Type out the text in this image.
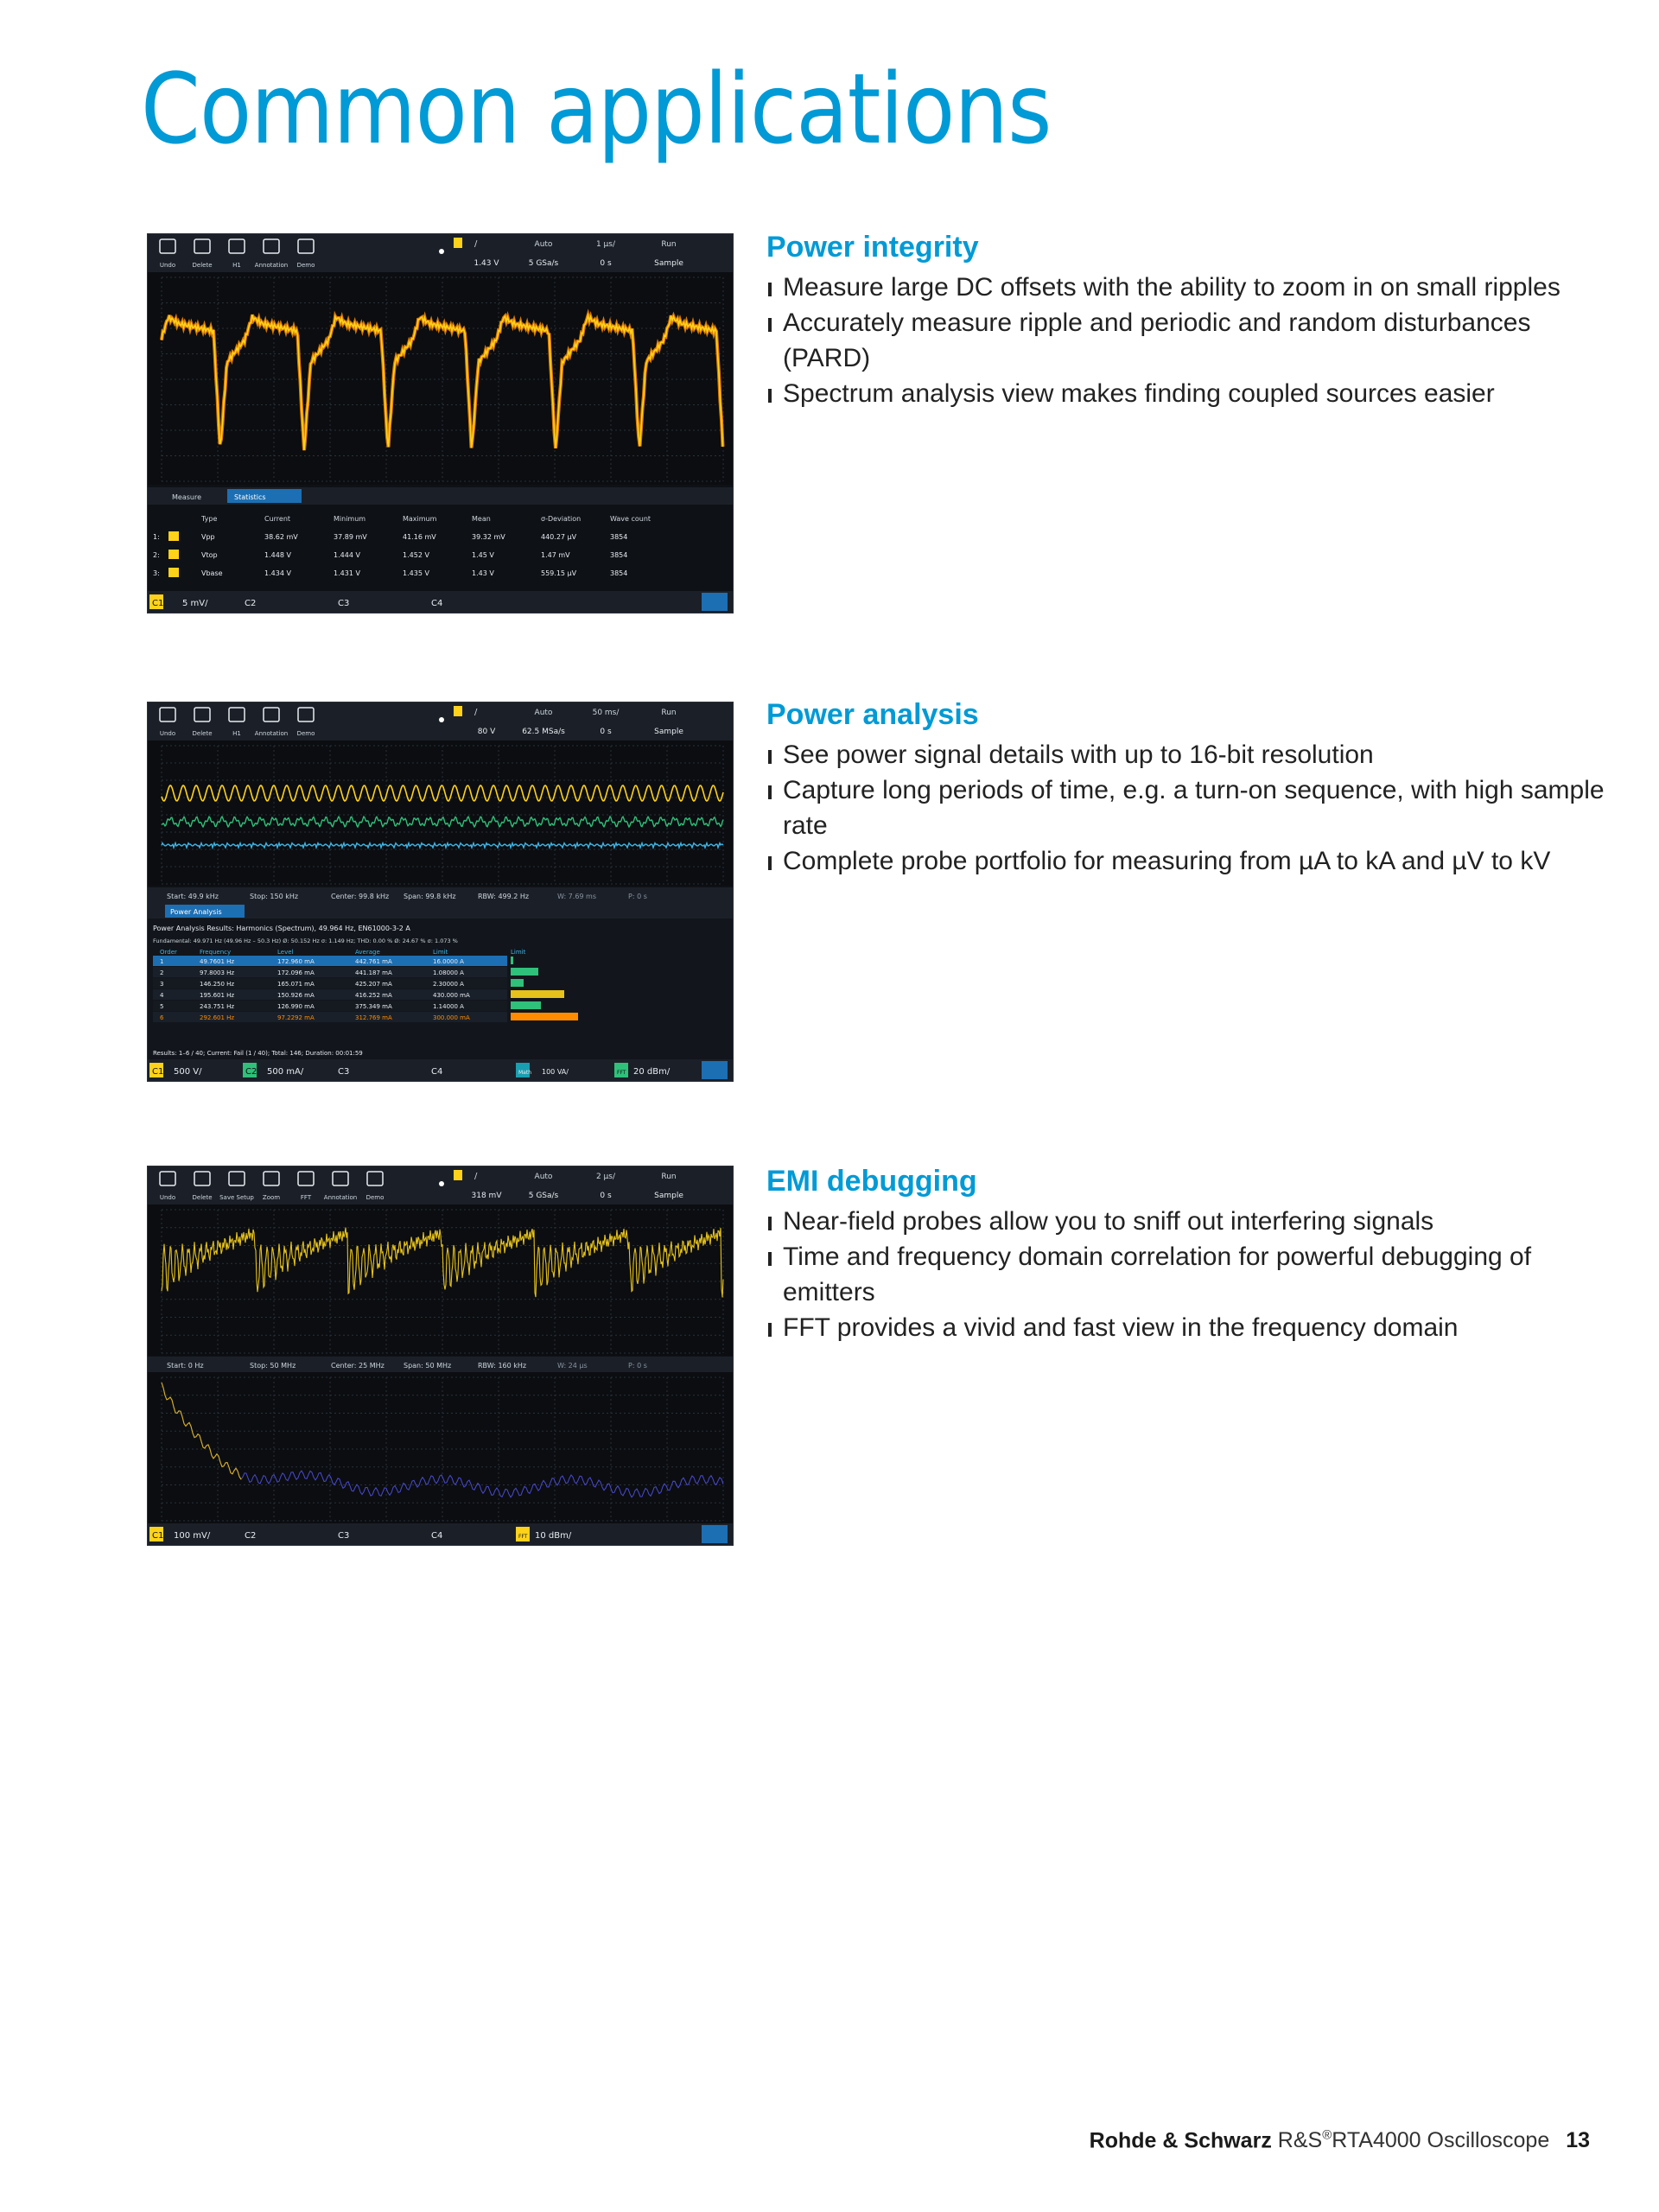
Common applications
Undo	Delete	H1 Annotation Demo
/	Auto	1 µs/	Run
1.43 V	5 GSa/s	0 s	Sample
Measure	Statistics
Type	Current	Minimum	Maximum	Mean	σ-Deviation	Wave count
1:	Vpp	38.62 mV	37.89 mV	41.16 mV	39.32 mV	440.27 µV	3854
2:	Vtop	1.448 V	1.444 V	1.452 V	1.45 V	1.47 mV	3854
3:	Vbase	1.434 V	1.431 V	1.435 V	1.43 V	559.15 µV	3854
C1 5 mV/	C2	C3	C4
Undo	Delete	H1 Annotation Demo
/	Auto	50 ms/	Run
80 V	62.5 MSa/s	0 s	Sample
Start: 49.9 kHz	Stop: 150 kHz	Center: 99.8 kHz Span: 99.8 kHz	RBW: 499.2 Hz	W: 7.69 ms	P: 0 s
Power Analysis
Power Analysis Results: Harmonics (Spectrum), 49.964 Hz, EN61000-3-2 A
Fundamental: 49.971 Hz (49.96 Hz – 50.3 Hz) Ø: 50.152 Hz σ: 1.149 Hz; THD: 0.00 % Ø: 24.67 % σ: 1.073 %
Order	Frequency	Level	Average	Limit	Limit
1	49.7601 Hz	172.960 mA	442.761 mA	16.0000 A
2	97.8003 Hz	172.096 mA	441.187 mA	1.08000 A
3	146.250 Hz	165.071 mA	425.207 mA	2.30000 A
4	195.601 Hz	150.926 mA	416.252 mA	430.000 mA
5	243.751 Hz	126.990 mA	375.349 mA	1.14000 A
6	292.601 Hz	97.2292 mA	312.769 mA	300.000 mA
Results: 1–6 / 40; Current: Fail (1 / 40); Total: 146; Duration: 00:01:59
C1 500 V/	C2 500 mA/	C3	C4	Math 100 VA/	FFT 20 dBm/
Undo	Delete Save Setup Zoom	FFT Annotation Demo
/	Auto	2 µs/	Run
318 mV	5 GSa/s	0 s	Sample
Start: 0 Hz	Stop: 50 MHz	Center: 25 MHz	Span: 50 MHz	RBW: 160 kHz	W: 24 µs	P: 0 s
C1 100 mV/	C2	C3	C4	FFT 10 dBm/
Power integrity
Measure large DC offsets with the ability to zoom in on small ripples
Accurately measure ripple and periodic and random disturbances (PARD)
Spectrum analysis view makes finding coupled sources easier
Power analysis
See power signal details with up to 16-bit resolution
Capture long periods of time, e.g. a turn-on sequence, with high sample rate
Complete probe portfolio for measuring from µA to kA and µV to kV
EMI debugging
Near-field probes allow you to sniff out interfering signals
Time and frequency domain correlation for powerful debugging of emitters
FFT provides a vivid and fast view in the frequency domain
Rohde & Schwarz R&S®RTA4000 Oscilloscope 13
